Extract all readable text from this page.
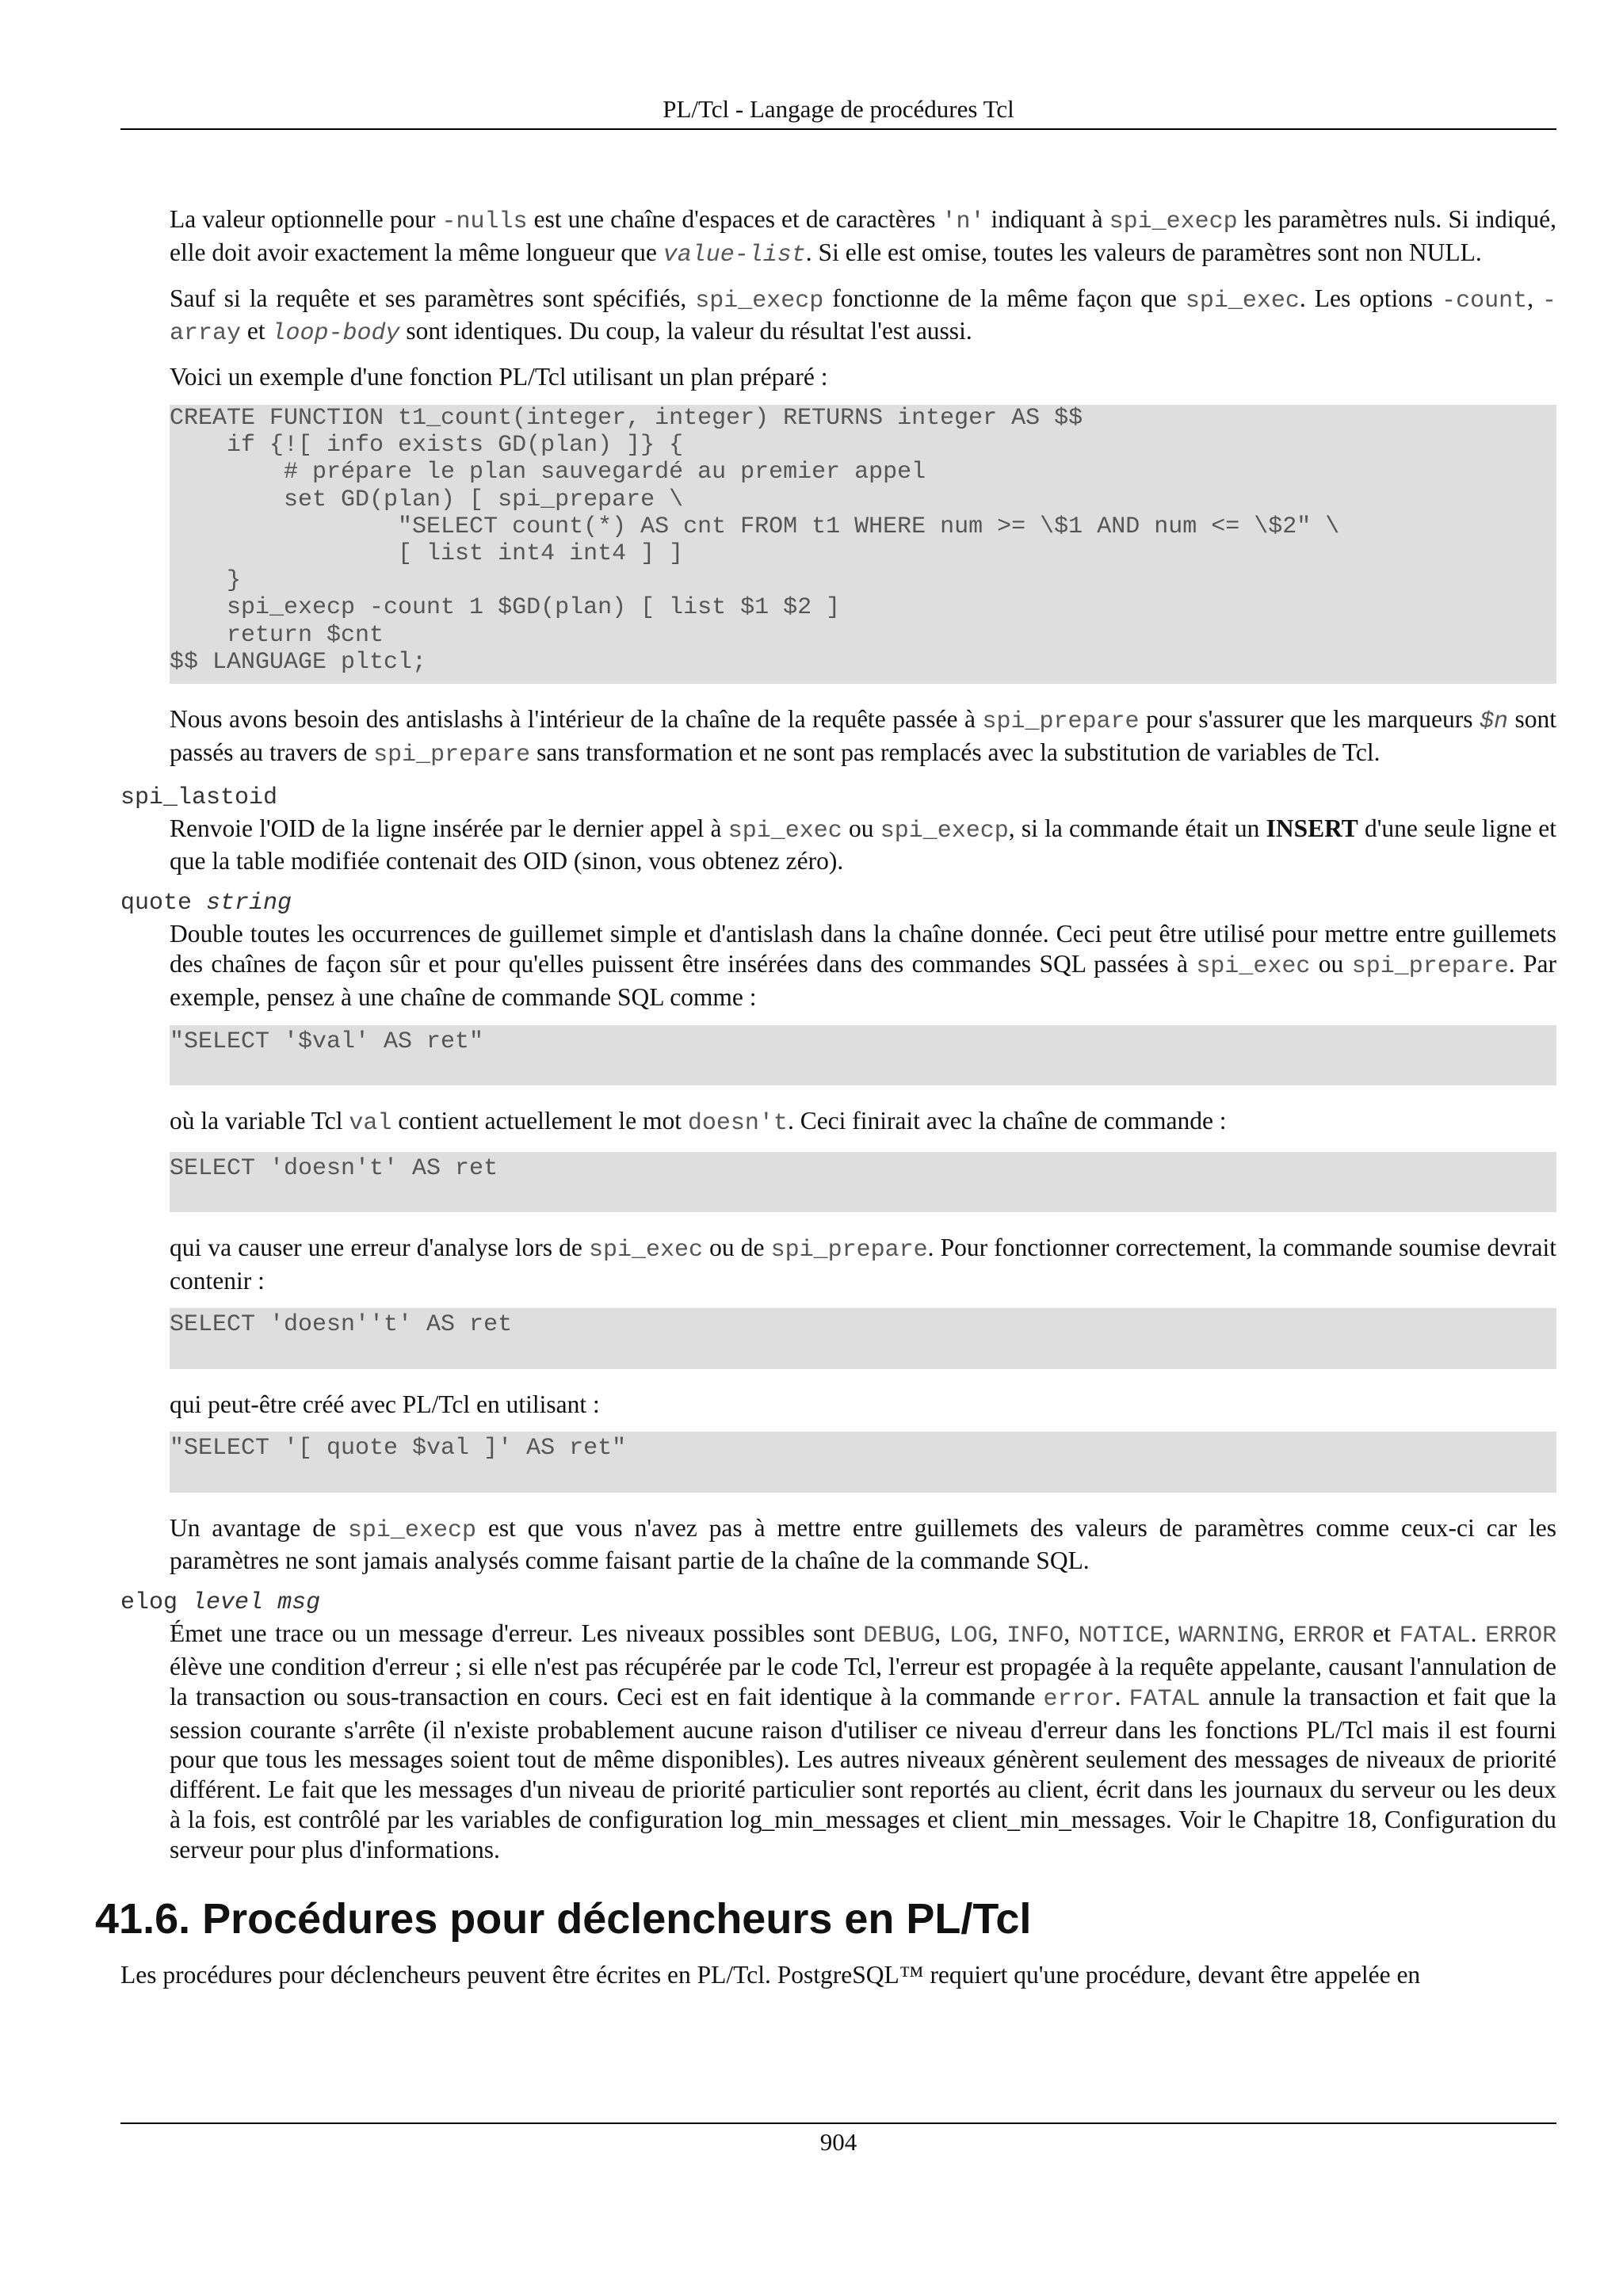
PL/Tcl - Langage de procédures Tcl

La valeur optionnelle pour -nulls est une chaîne d'espaces et de caractères 'n' indiquant à spi_execp les paramètres nuls. Si indiqué, elle doit avoir exactement la même longueur que value-list. Si elle est omise, toutes les valeurs de paramètres sont non NULL.

Sauf si la requête et ses paramètres sont spécifiés, spi_execp fonctionne de la même façon que spi_exec. Les options -count, -array et loop-body sont identiques. Du coup, la valeur du résultat l'est aussi.

Voici un exemple d'une fonction PL/Tcl utilisant un plan préparé :

CREATE FUNCTION t1_count(integer, integer) RETURNS integer AS $$
if {![ info exists GD(plan) ]} {
# prépare le plan sauvegardé au premier appel
set GD(plan) [ spi_prepare \
"SELECT count(*) AS cnt FROM t1 WHERE num >= \$1 AND num <= \$2" \
[ list int4 int4 ] ]
}
spi_execp -count 1 $GD(plan) [ list $1 $2 ]
return $cnt
$$ LANGUAGE pltcl;

Nous avons besoin des antislashs à l'intérieur de la chaîne de la requête passée à spi_prepare pour s'assurer que les marqueurs $n sont passés au travers de spi_prepare sans transformation et ne sont pas remplacés avec la substitution de variables de Tcl.

spi_lastoid

Renvoie l'OID de la ligne insérée par le dernier appel à spi_exec ou spi_execp, si la commande était un INSERT d'une seule ligne et que la table modifiée contenait des OID (sinon, vous obtenez zéro).

quote string

Double toutes les occurrences de guillemet simple et d'antislash dans la chaîne donnée. Ceci peut être utilisé pour mettre entre guillemets des chaînes de façon sûr et pour qu'elles puissent être insérées dans des commandes SQL passées à spi_exec ou spi_prepare. Par exemple, pensez à une chaîne de commande SQL comme :

"SELECT '$val' AS ret"

où la variable Tcl val contient actuellement le mot doesn't. Ceci finirait avec la chaîne de commande :

SELECT 'doesn't' AS ret

qui va causer une erreur d'analyse lors de spi_exec ou de spi_prepare. Pour fonctionner correctement, la commande soumise devrait contenir :

SELECT 'doesn''t' AS ret

qui peut-être créé avec PL/Tcl en utilisant :

"SELECT '[ quote $val ]' AS ret"

Un avantage de spi_execp est que vous n'avez pas à mettre entre guillemets des valeurs de paramètres comme ceux-ci car les paramètres ne sont jamais analysés comme faisant partie de la chaîne de la commande SQL.

elog level msg

Émet une trace ou un message d'erreur. Les niveaux possibles sont DEBUG, LOG, INFO, NOTICE, WARNING, ERROR et FATAL. ERROR élève une condition d'erreur ; si elle n'est pas récupérée par le code Tcl, l'erreur est propagée à la requête appelante, causant l'annulation de la transaction ou sous-transaction en cours. Ceci est en fait identique à la commande error. FATAL annule la transaction et fait que la session courante s'arrête (il n'existe probablement aucune raison d'utiliser ce niveau d'erreur dans les fonctions PL/Tcl mais il est fourni pour que tous les messages soient tout de même disponibles). Les autres niveaux génèrent seulement des messages de niveaux de priorité différent. Le fait que les messages d'un niveau de priorité particulier sont reportés au client, écrit dans les journaux du serveur ou les deux à la fois, est contrôlé par les variables de configuration log_min_messages et client_min_messages. Voir le Chapitre 18, Configuration du serveur pour plus d'informations.

41.6. Procédures pour déclencheurs en PL/Tcl

Les procédures pour déclencheurs peuvent être écrites en PL/Tcl. PostgreSQL™ requiert qu'une procédure, devant être appelée en

904
